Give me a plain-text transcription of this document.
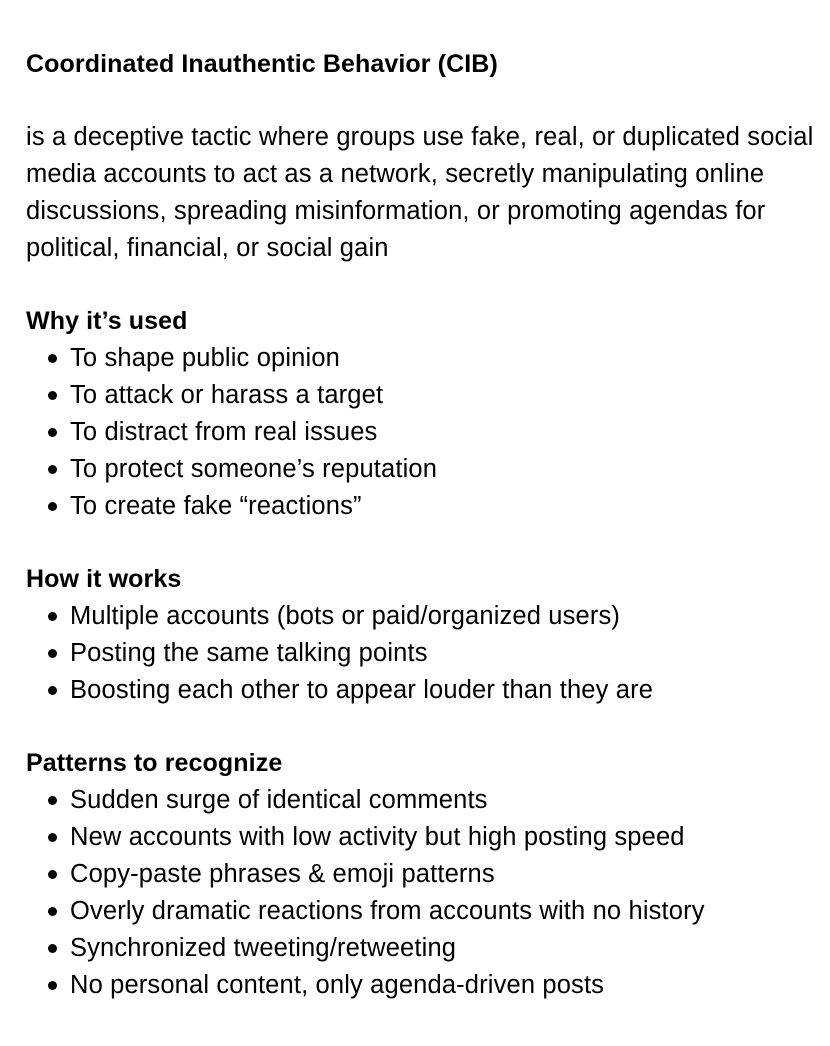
Coordinated Inauthentic Behavior (CIB)

is a deceptive tactic where groups use fake, real, or duplicated social media accounts to act as a network, secretly manipulating online discussions, spreading misinformation, or promoting agendas for political, financial, or social gain

Why it’s used
To shape public opinion
To attack or harass a target
To distract from real issues
To protect someone’s reputation
To create fake “reactions”
How it works
Multiple accounts (bots or paid/organized users)
Posting the same talking points
Boosting each other to appear louder than they are
Patterns to recognize
Sudden surge of identical comments
New accounts with low activity but high posting speed
Copy-paste phrases & emoji patterns
Overly dramatic reactions from accounts with no history
Synchronized tweeting/retweeting
No personal content, only agenda-driven posts
